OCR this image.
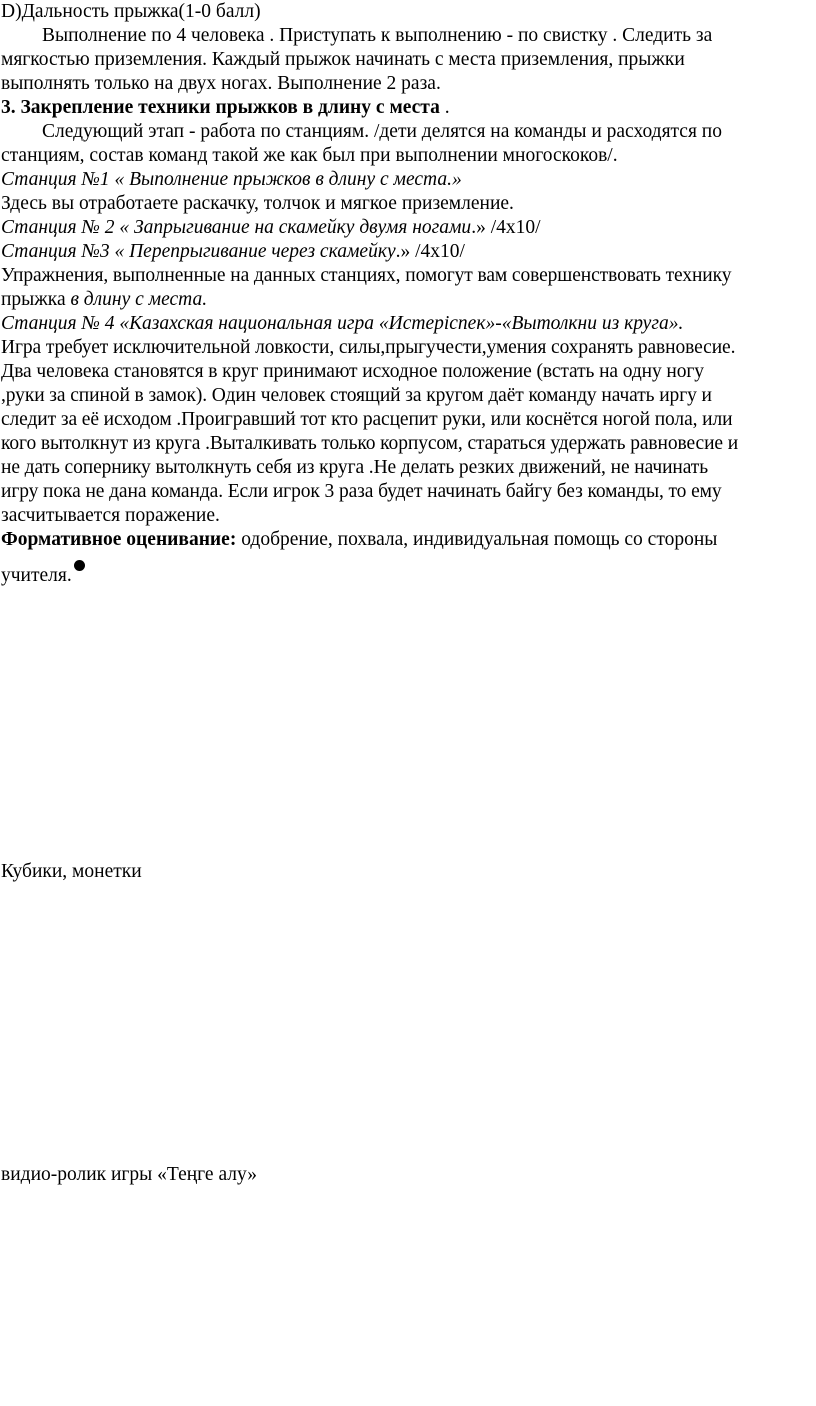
D)Дальность прыжка(1-0 балл)
Выполнение по 4 человека . Приступать к выполнению - по свистку . Следить за
мягкостью приземления. Каждый прыжок начинать с места приземления, прыжки
выполнять только на двух ногах. Выполнение 2 раза.
3. Закрепление техники прыжков в длину с места .
Следующий этап - работа по станциям. /дети делятся на команды и расходятся по
станциям, состав команд такой же как был при выполнении многоскоков/.
Станция №1 « Выполнение прыжков в длину с места.»
Здесь вы отработаете раскачку, толчок и мягкое приземление.
Станция № 2 « Запрыгивание на скамейку двумя ногами.» /4х10/
Станция №3 « Перепрыгивание через скамейку.» /4х10/
Упражнения, выполненные на данных станциях, помогут вам совершенствовать технику
прыжка в длину с места.
Станция № 4 «Казахская национальная игра «Истеріспек»-«Вытолкни из круга».
Игра требует исключительной ловкости, силы,прыгучести,умения сохранять равновесие.
Два человека становятся в круг принимают исходное положение (встать на одну ногу
,руки за спиной в замок). Один человек стоящий за кругом даёт команду начать иргу и
следит за её исходом .Проигравший тот кто расцепит руки, или коснётся ногой пола, или
кого вытолкнут из круга .Выталкивать только корпусом, стараться удержать равновесие и
не дать сопернику вытолкнуть себя из круга .Не делать резких движений, не начинать
игру пока не дана команда. Если игрок 3 раза будет начинать байгу без команды, то ему
засчитывается поражение.
Формативное оценивание: одобрение, похвала, индивидуальная помощь со стороны
учителя.
Кубики, монетки
видио-ролик игры «Теңге алу»
